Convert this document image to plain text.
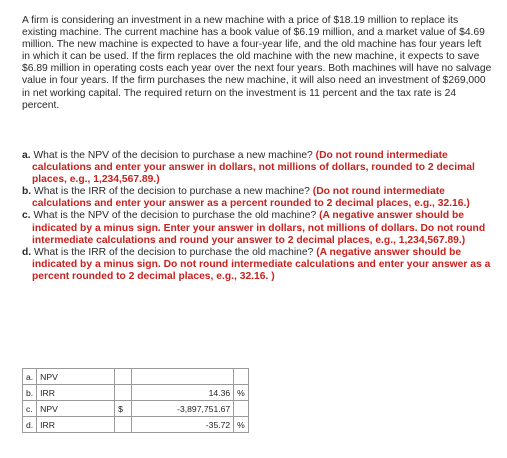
A firm is considering an investment in a new machine with a price of $18.19 million to replace its existing machine. The current machine has a book value of $6.19 million, and a market value of $4.69 million. The new machine is expected to have a four-year life, and the old machine has four years left in which it can be used. If the firm replaces the old machine with the new machine, it expects to save $6.89 million in operating costs each year over the next four years. Both machines will have no salvage value in four years. If the firm purchases the new machine, it will also need an investment of $269,000 in net working capital. The required return on the investment is 11 percent and the tax rate is 24 percent.

a. What is the NPV of the decision to purchase a new machine? (Do not round intermediate calculations and enter your answer in dollars, not millions of dollars, rounded to 2 decimal places, e.g., 1,234,567.89.)

b. What is the IRR of the decision to purchase a new machine? (Do not round intermediate calculations and enter your answer as a percent rounded to 2 decimal places, e.g., 32.16.)

c. What is the NPV of the decision to purchase the old machine? (A negative answer should be indicated by a minus sign. Enter your answer in dollars, not millions of dollars. Do not round intermediate calculations and round your answer to 2 decimal places, e.g., 1,234,567.89.)

d. What is the IRR of the decision to purchase the old machine? (A negative answer should be indicated by a minus sign. Do not round intermediate calculations and enter your answer as a percent rounded to 2 decimal places, e.g., 32.16. )

a.	NPV			
b.	IRR		14.36	%
c.	NPV	$	-3,897,751.67	
d.	IRR		-35.72	%
